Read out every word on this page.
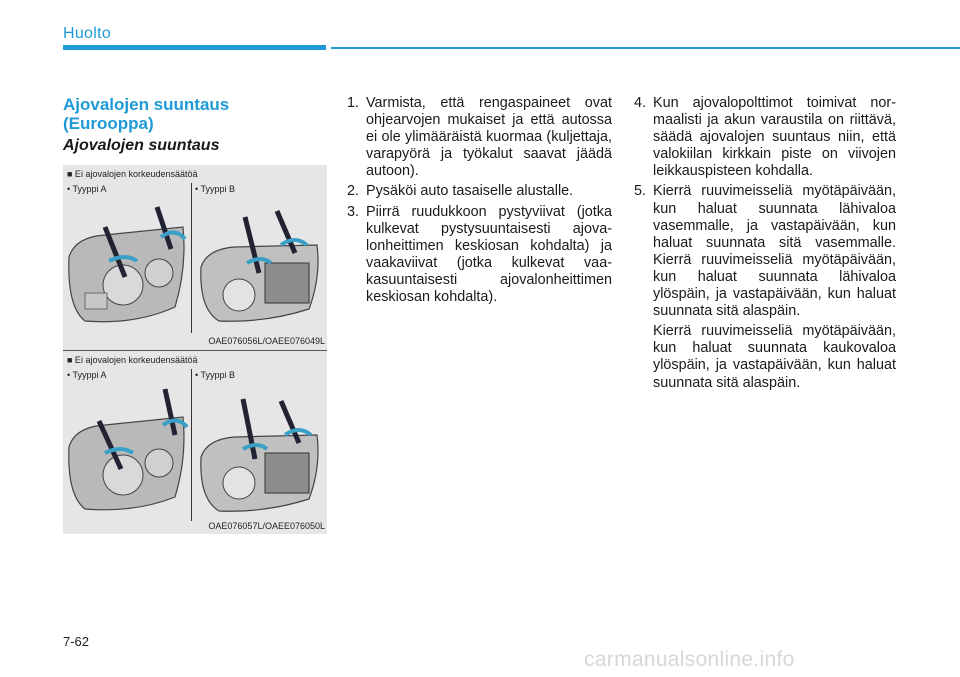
Huolto
Ajovalojen suuntaus (Eurooppa)
Ajovalojen suuntaus
■ Ei ajovalojen korkeudensäätöä
• Tyyppi A	• Tyyppi B
OAE076056L/OAEE076049L
■ Ei ajovalojen korkeudensäätöä
• Tyyppi A	• Tyyppi B
OAE076057L/OAEE076050L
1. Varmista, että rengaspaineet ovat ohjearvojen mukaiset ja että autossa ei ole ylimääräistä kuormaa (kuljettaja, varapyörä ja työkalut saavat jäädä autoon).

2. Pysäköi auto tasaiselle alustalle.

3. Piirrä ruudukkoon pystyviivat (jotka kulkevat pystysuuntaisesti ajovalonheittimen keskiosan kohdalta) ja vaakaviivat (jotka kulkevat vaakasuuntaisesti ajovalonheittimen keskiosan kohdalta).

4. Kun ajovalopolttimot toimivat normaalisti ja akun varaustila on riittävä, säädä ajovalojen suuntaus niin, että valokiilan kirkkain piste on viivojen leikkauspisteen kohdalla.

5. Kierrä ruuvimeisseliä myötäpäivään, kun haluat suunnata lähivaloa vasemmalle, ja vastapäivään, kun haluat suunnata sitä vasemmalle. Kierrä ruuvimeisseliä myötäpäivään, kun haluat suunnata lähivaloa ylöspäin, ja vastapäivään, kun haluat suunnata sitä alaspäin.

Kierrä ruuvimeisseliä myötäpäivään, kun haluat suunnata kaukovaloa ylöspäin, ja vastapäivään, kun haluat suunnata sitä alaspäin.

7-62
carmanualsonline.info
